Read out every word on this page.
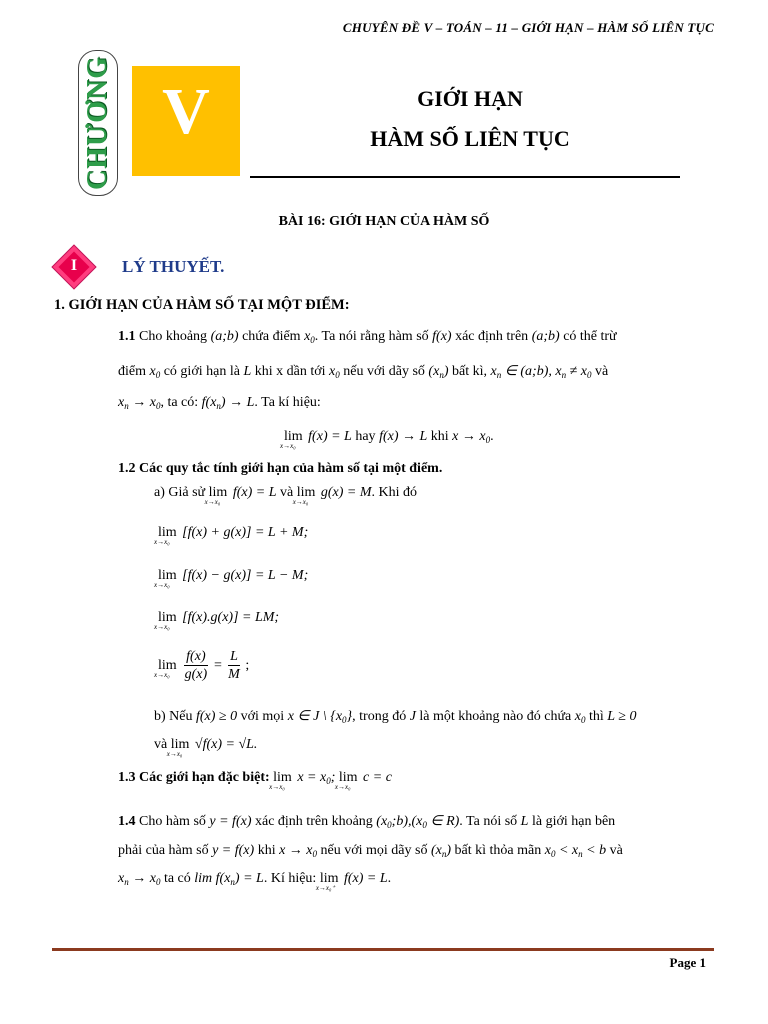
CHUYÊN ĐỀ V – TOÁN – 11 – GIỚI HẠN – HÀM SỐ LIÊN TỤC
CHƯƠNG V	GIỚI HẠN
HÀM SỐ LIÊN TỤC
BÀI 16: GIỚI HẠN CỦA HÀM SỐ
I	LÝ THUYẾT.
1. GIỚI HẠN CỦA HÀM SỐ TẠI MỘT ĐIỂM:
1.1 Cho khoảng (a;b) chứa điểm $x_0$. Ta nói rằng hàm số f(x) xác định trên (a;b) có thể trừ
điểm $x_0$ có giới hạn là L khi x dần tới $x_0$ nếu với dãy số $(x_n)$ bất kì, $x_n$ ∈ (a;b), $x_n \ne x_0$ và
$x_n \to x_0$, ta có: $f(x_n) \to L$. Ta kí hiệu:
lim
x→x₀
f(x) = L hay f(x) → L khi $x \to x_0$.
1.2 Các quy tắc tính giới hạn của hàm số tại một điểm.
a) Giả sử lim
x→x₀
f(x) = L và lim
x→x₀
g(x) = M. Khi đó
lim
x→x₀
[f(x) + g(x)] = L + M;
lim
x→x₀
[f(x) − g(x)] = L − M;
lim
x→x₀
[f(x).g(x)] = LM;
lim
x→x₀
$\frac{f(x)}{g(x)} = \frac{L}{M}$ ;
b) Nếu f(x) ≥ 0 với mọi x ∈ J \ $\{x_0\}$, trong đó J là một khoảng nào đó chứa $x_0$ thì L ≥ 0
và lim
x→x₀
√f(x) = √L.
1.3 Các giới hạn đặc biệt: lim
x→x₀
$x = x_0$; lim
x→x₀
c = c
1.4 Cho hàm số y = f(x) xác định trên khoảng $(x_0;b),(x_0$ ∈ R). Ta nói số L là giới hạn bên
phải của hàm số y = f(x) khi $x \to x_0$ nếu với mọi dãy số $(x_n)$ bất kì thỏa mãn $x_0 < x_n < b$ và
$x_n \to x_0$ ta có $\lim f(x_n) = L$. Kí hiệu: lim
x→x₀⁺
f(x) = L.
Page 1
